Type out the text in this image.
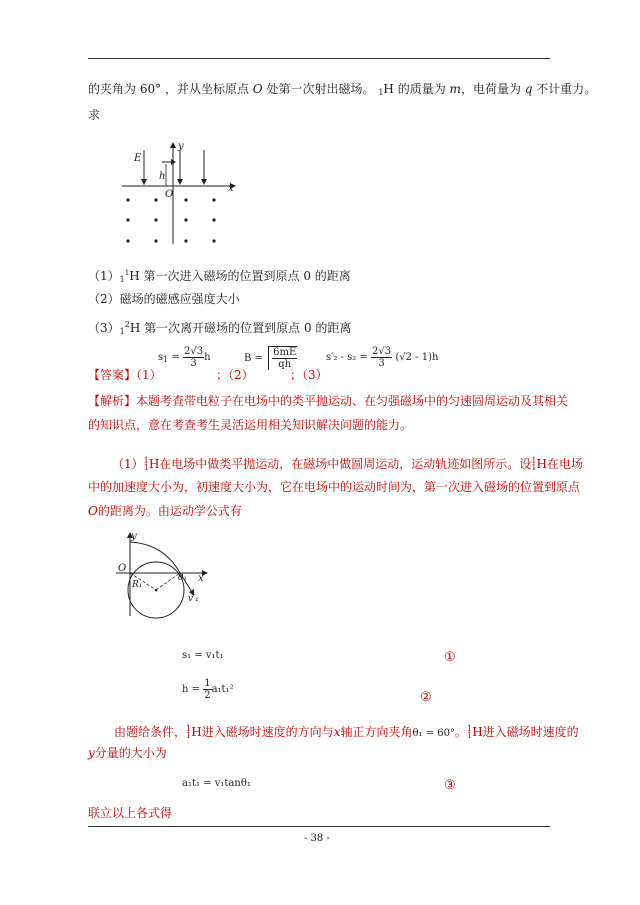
的夹角为 60° ，并从坐标原点 O 处第一次射出磁场。 $_1$H 的质量为 m，电荷量为 q 不计重力。
求
E
h
O
x
y
$(1)_1^1H$ 第一次进入磁场的位置到原点 0 的距离
（2）磁场的磁感应强度大小
$(3)_1^2H$ 第一次离开磁场的位置到原点 0 的距离
【答案】（1）
$s_1 = \frac{2√3}{3}$ h
；（2）
$B = \frac{6mE}{qh}$
；（3）
$s'_2 - s_2 = \frac{2√3}{3} (√2 - 1)h$
【解析】本题考查带电粒子在电场中的类平抛运动、在匀强磁场中的匀速圆周运动及其相关
的知识点，意在考查考生灵活运用相关知识解决问题的能力。
$(1)^1_1H$在电场中做类平抛运动，在磁场中做圆周运动，运动轨迹如图所示。设$^1_1$H在电场
中的加速度大小为，初速度大小为，它在电场中的运动时间为，第一次进入磁场的位置到原点
O的距离为。由运动学公式有
y
O
R₁
θ₁ x
v′₁
s₁ = v₁t₁	①
$h = \frac{1}{2} a_1t_1^2$
②
由题给条件，$^1_1$H进入磁场时速度的方向与x轴正方向夹角θ₁ = 60°。$^1_1$H进入磁场时速度的
y分量的大小为
a₁t₁ = v₁tanθ₁	③
联立以上各式得
- 38 -
